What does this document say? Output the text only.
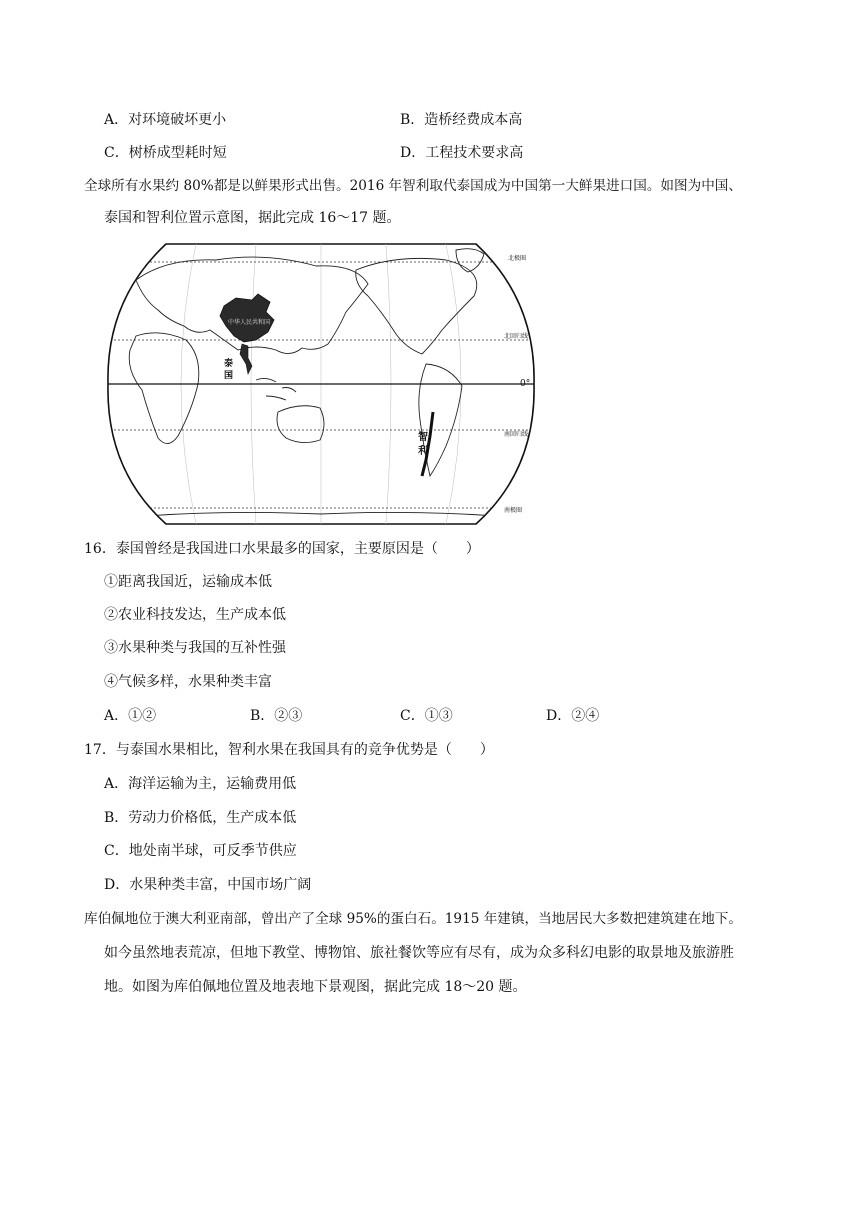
A．对环境破坏更小	B．造桥经费成本高
C．树桥成型耗时短	D．工程技术要求高
全球所有水果约 80%都是以鲜果形式出售。2016 年智利取代泰国成为中国第一大鲜果进口国。如图为中国、
泰国和智利位置示意图，据此完成 16～17 题。
中华人民共和国
泰
国
智
利
北极圈
北回归线
0°
南回归线
南极圈
16．泰国曾经是我国进口水果最多的国家，主要原因是（　　）
①距离我国近，运输成本低
②农业科技发达，生产成本低
③水果种类与我国的互补性强
④气候多样，水果种类丰富
A．①②	B．②③	C．①③	D．②④
17．与泰国水果相比，智利水果在我国具有的竞争优势是（　　）
A．海洋运输为主，运输费用低
B．劳动力价格低，生产成本低
C．地处南半球，可反季节供应
D．水果种类丰富，中国市场广阔
库伯佩地位于澳大利亚南部，曾出产了全球 95%的蛋白石。1915 年建镇，当地居民大多数把建筑建在地下。
如今虽然地表荒凉，但地下教堂、博物馆、旅社餐饮等应有尽有，成为众多科幻电影的取景地及旅游胜
地。如图为库伯佩地位置及地表地下景观图，据此完成 18～20 题。
